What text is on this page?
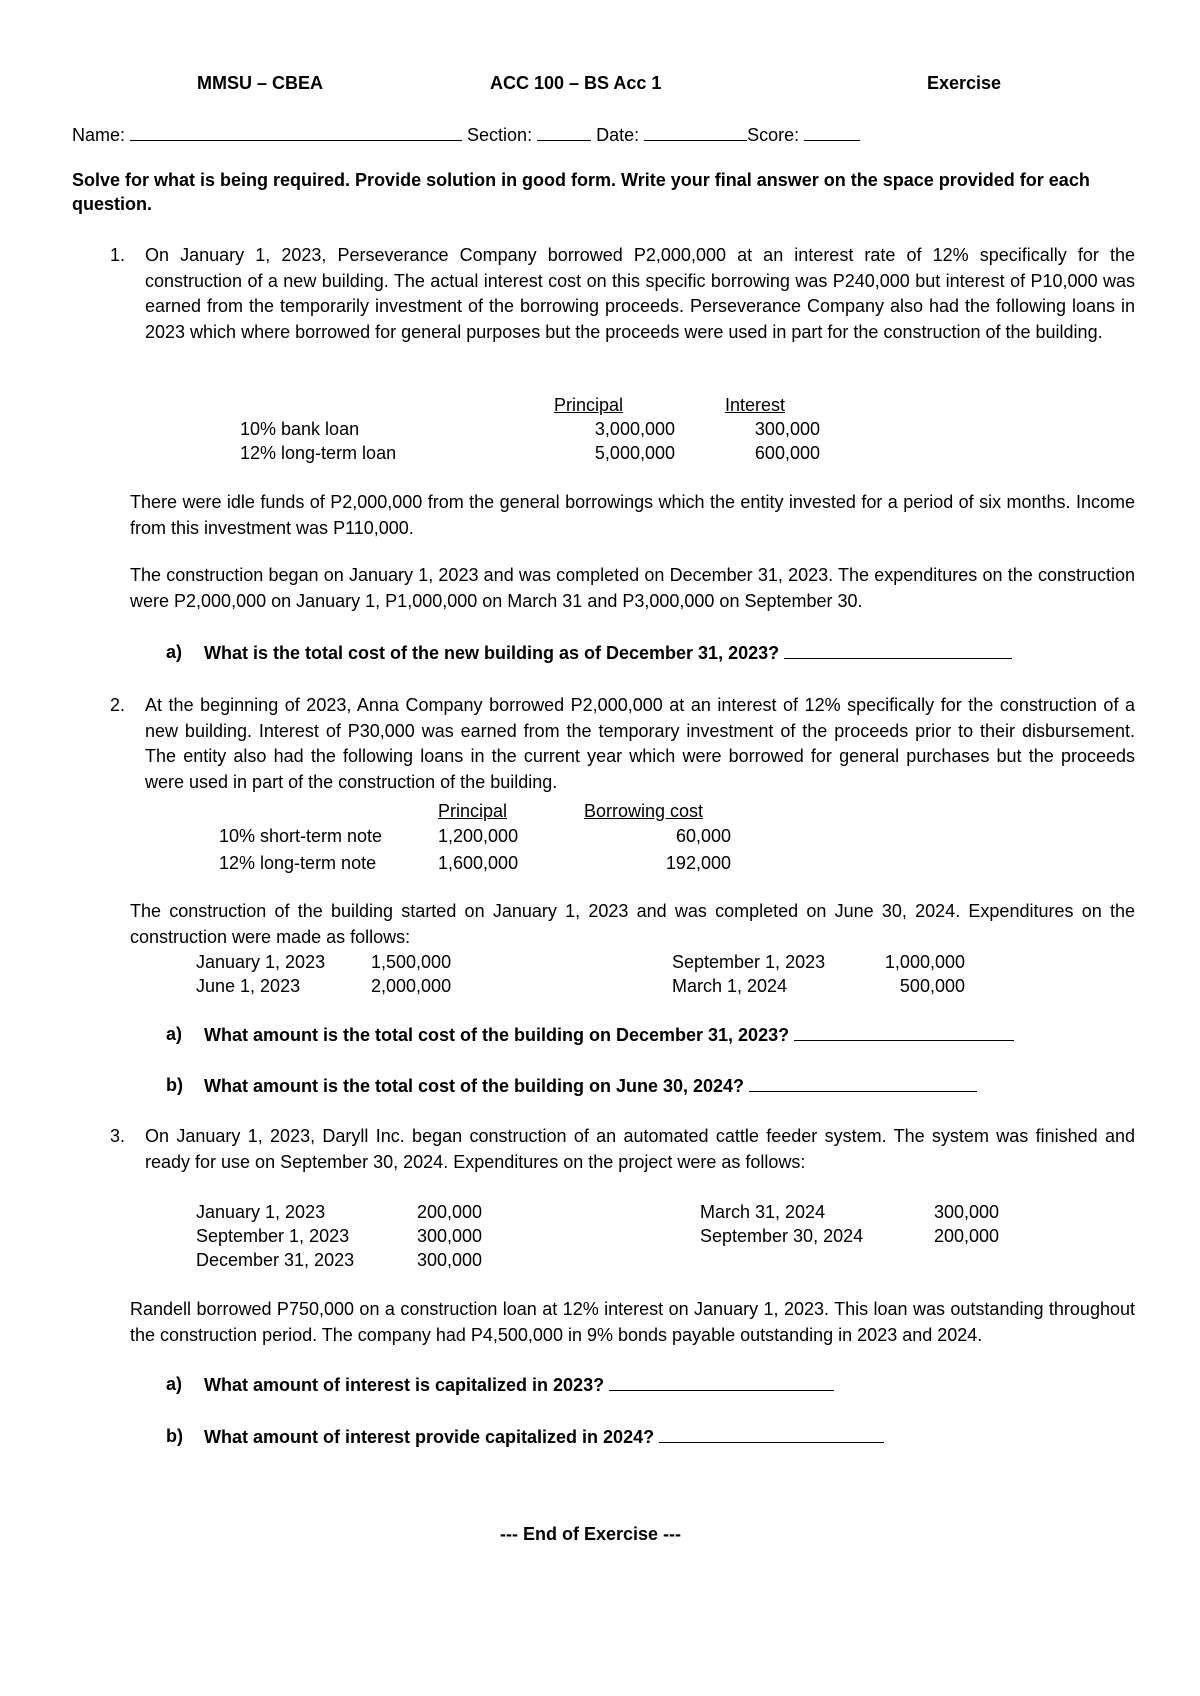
MMSU – CBEA	ACC 100 – BS Acc 1	Exercise
Name:	Section:	Date:	Score:
Solve for what is being required. Provide solution in good form. Write your final answer on the space provided for each question.
1. On January 1, 2023, Perseverance Company borrowed P2,000,000 at an interest rate of 12% specifically for the construction of a new building. The actual interest cost on this specific borrowing was P240,000 but interest of P10,000 was earned from the temporarily investment of the borrowing proceeds. Perseverance Company also had the following loans in 2023 which where borrowed for general purposes but the proceeds were used in part for the construction of the building.
Principal	Interest
10% bank loan	3,000,000	300,000
12% long-term loan	5,000,000	600,000
There were idle funds of P2,000,000 from the general borrowings which the entity invested for a period of six months. Income from this investment was P110,000.
The construction began on January 1, 2023 and was completed on December 31, 2023. The expenditures on the construction were P2,000,000 on January 1, P1,000,000 on March 31 and P3,000,000 on September 30.
a) What is the total cost of the new building as of December 31, 2023?
2. At the beginning of 2023, Anna Company borrowed P2,000,000 at an interest of 12% specifically for the construction of a new building. Interest of P30,000 was earned from the temporary investment of the proceeds prior to their disbursement. The entity also had the following loans in the current year which were borrowed for general purchases but the proceeds were used in part of the construction of the building.
Principal	Borrowing cost
10% short-term note	1,200,000	60,000
12% long-term note	1,600,000	192,000
The construction of the building started on January 1, 2023 and was completed on June 30, 2024. Expenditures on the construction were made as follows:
January 1, 2023	1,500,000
June 1, 2023	2,000,000
September 1, 2023	1,000,000
March 1, 2024	500,000
a) What amount is the total cost of the building on December 31, 2023?
b) What amount is the total cost of the building on June 30, 2024?
3. On January 1, 2023, Daryll Inc. began construction of an automated cattle feeder system. The system was finished and ready for use on September 30, 2024. Expenditures on the project were as follows:
January 1, 2023	200,000
September 1, 2023	300,000
December 31, 2023	300,000
March 31, 2024	300,000
September 30, 2024	200,000
Randell borrowed P750,000 on a construction loan at 12% interest on January 1, 2023. This loan was outstanding throughout the construction period. The company had P4,500,000 in 9% bonds payable outstanding in 2023 and 2024.
a) What amount of interest is capitalized in 2023?
b) What amount of interest provide capitalized in 2024?
--- End of Exercise ---
